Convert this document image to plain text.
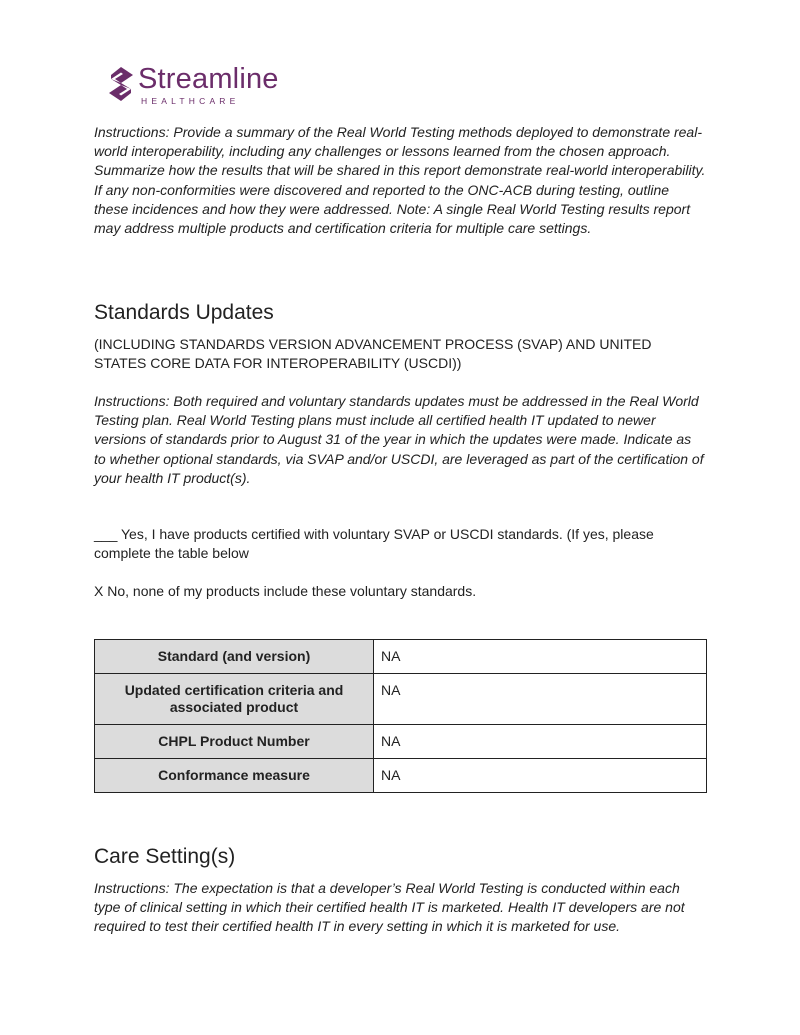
Streamline
HEALTHCARE
Instructions: Provide a summary of the Real World Testing methods deployed to demonstrate real-world interoperability, including any challenges or lessons learned from the chosen approach. Summarize how the results that will be shared in this report demonstrate real-world interoperability. If any non-conformities were discovered and reported to the ONC-ACB during testing, outline these incidences and how they were addressed. Note: A single Real World Testing results report may address multiple products and certification criteria for multiple care settings.
Standards Updates
(INCLUDING STANDARDS VERSION ADVANCEMENT PROCESS (SVAP) AND UNITED STATES CORE DATA FOR INTEROPERABILITY (USCDI))
Instructions: Both required and voluntary standards updates must be addressed in the Real World Testing plan. Real World Testing plans must include all certified health IT updated to newer versions of standards prior to August 31 of the year in which the updates were made. Indicate as to whether optional standards, via SVAP and/or USCDI, are leveraged as part of the certification of your health IT product(s).
___ Yes, I have products certified with voluntary SVAP or USCDI standards. (If yes, please complete the table below
X No, none of my products include these voluntary standards.
Standard (and version)	NA
Updated certification criteria and associated product	NA
CHPL Product Number	NA
Conformance measure	NA
Care Setting(s)
Instructions: The expectation is that a developer’s Real World Testing is conducted within each type of clinical setting in which their certified health IT is marketed. Health IT developers are not required to test their certified health IT in every setting in which it is marketed for use.
